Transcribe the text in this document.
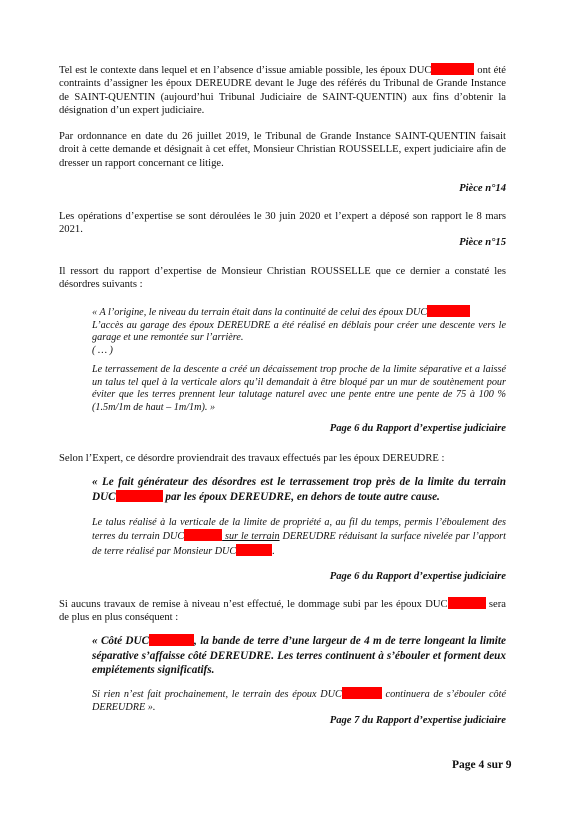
Tel est le contexte dans lequel et en l’absence d’issue amiable possible, les époux DUC	ont été contraints d’assigner les époux DEREUDRE devant le Juge des référés du Tribunal de Grande Instance de SAINT-QUENTIN (aujourd’hui Tribunal Judiciaire de SAINT-QUENTIN) aux fins d’obtenir la désignation d’un expert judiciaire.
Par ordonnance en date du 26 juillet 2019, le Tribunal de Grande Instance SAINT-QUENTIN faisait droit à cette demande et désignait à cet effet, Monsieur Christian ROUSSELLE, expert judiciaire afin de dresser un rapport concernant ce litige.
Pièce n°14
Les opérations d’expertise se sont déroulées le 30 juin 2020 et l’expert a déposé son rapport le 8 mars 2021.
Pièce n°15
Il ressort du rapport d’expertise de Monsieur Christian ROUSSELLE que ce dernier a constaté les désordres suivants :
« A l’origine, le niveau du terrain était dans la continuité de celui des époux DUC
L’accès au garage des époux DEREUDRE a été réalisé en déblais pour créer une descente vers le garage et une remontée sur l’arrière.
( … )
Le terrassement de la descente a créé un décaissement trop proche de la limite séparative et a laissé un talus tel quel à la verticale alors qu’il demandait à être bloqué par un mur de soutènement pour éviter que les terres prennent leur talutage naturel avec une pente entre une pente de 75 à 100 % (1.5m/1m de haut – 1m/1m). »
Page 6 du Rapport d’expertise judiciaire
Selon l’Expert, ce désordre proviendrait des travaux effectués par les époux DEREUDRE :
« Le fait générateur des désordres est le terrassement trop près de la limite du terrain DUC	par les époux DEREUDRE, en dehors de toute autre cause.
Le talus réalisé à la verticale de la limite de propriété a, au fil du temps, permis l’éboulement des terres du terrain DUC	sur le terrain DEREUDRE réduisant la surface nivelée par l’apport de terre réalisé par Monsieur DUC	.
Page 6 du Rapport d’expertise judiciaire
Si aucuns travaux de remise à niveau n’est effectué, le dommage subi par les époux DUC	sera de plus en plus conséquent :
« Côté DUC	, la bande de terre d’une largeur de 4 m de terre longeant la limite séparative s’affaisse côté DEREUDRE. Les terres continuent à s’ébouler et forment deux empiétements significatifs.
Si rien n’est fait prochainement, le terrain des époux DUC	continuera de s’ébouler côté DEREUDRE ».
Page 7 du Rapport d’expertise judiciaire
Page 4 sur 9
